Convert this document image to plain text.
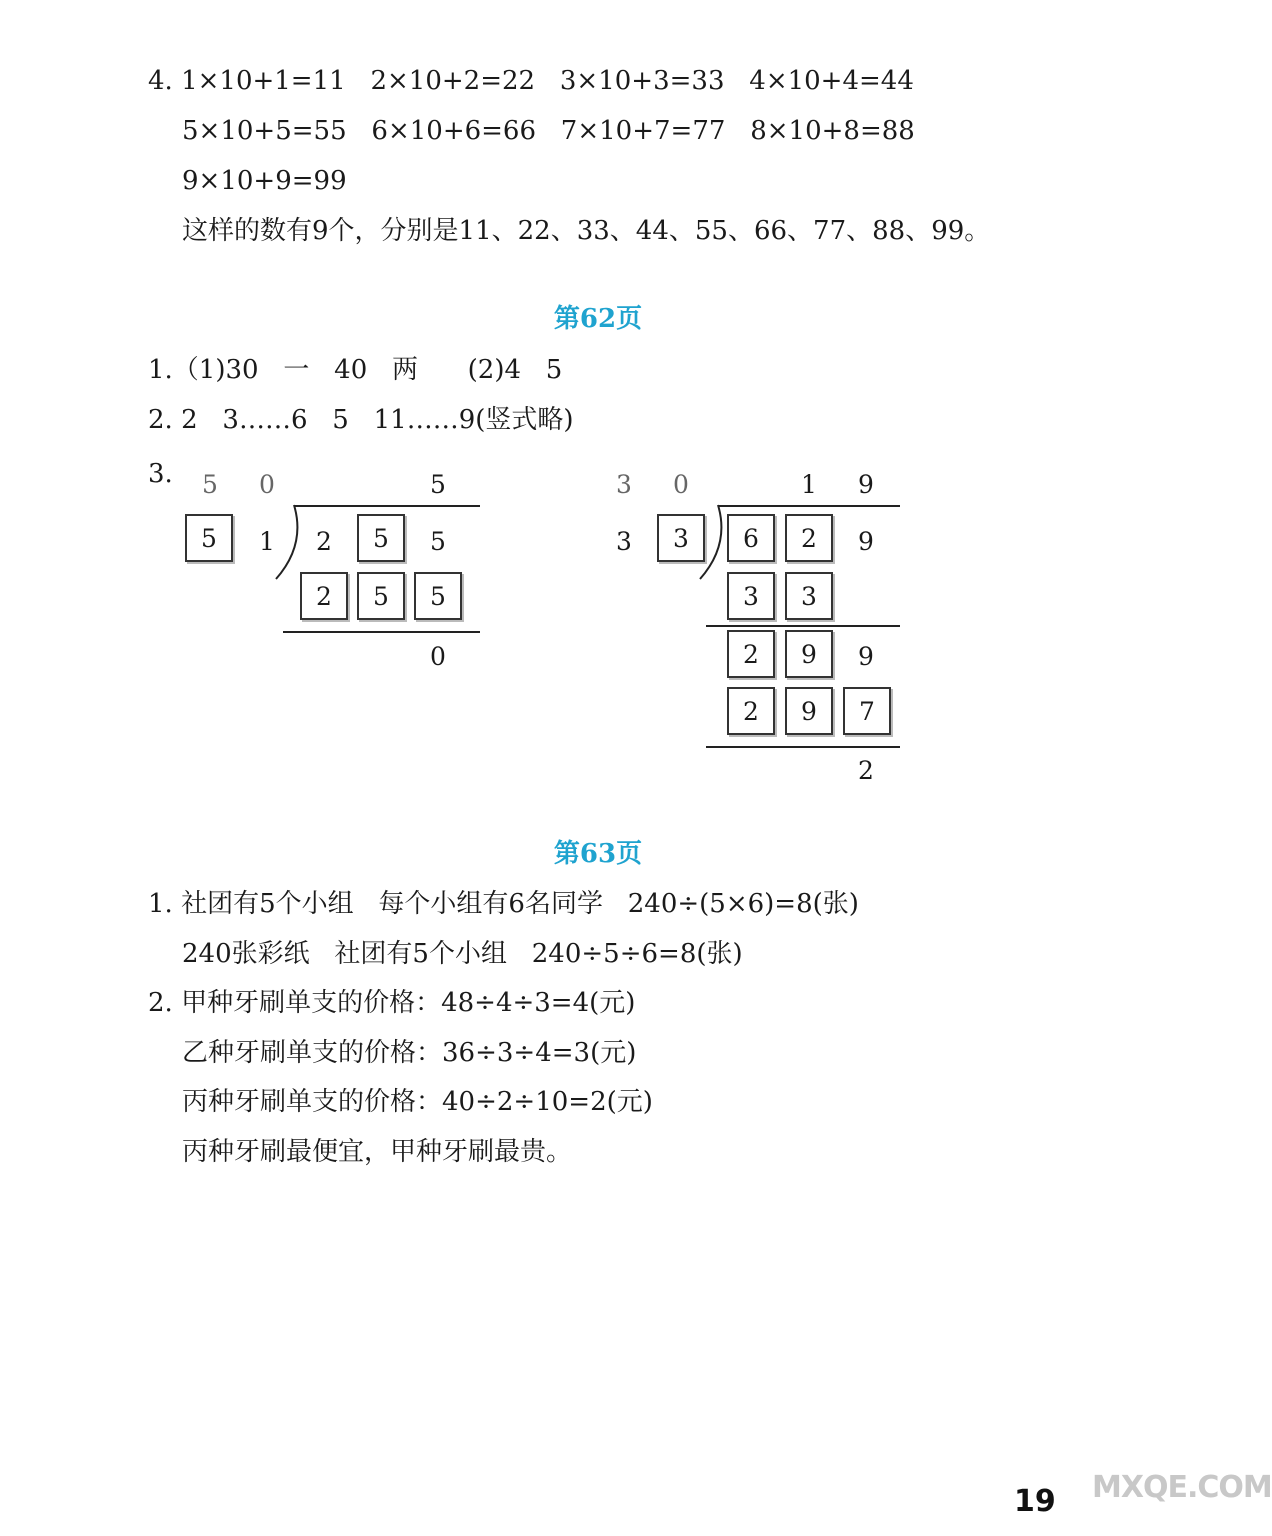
4. 1×10+1=11   2×10+2=22   3×10+3=33   4×10+4=44
5×10+5=55   6×10+6=66   7×10+7=77   8×10+8=88
9×10+9=99
这样的数有9个，分别是11、22、33、44、55、66、77、88、99。
第62页
1.（1)30   一   40   两      (2)4   5
2. 2   3……6   5   11……9(竖式略)
3. 5 0	5
5	1 2	5	5
2	5	5
0
3 0	1 9
3	3	6	2	9
3	3
2	9	9
2	9	7
2
第63页
1. 社团有5个小组   每个小组有6名同学   240÷(5×6)=8(张)
240张彩纸   社团有5个小组   240÷5÷6=8(张)
2. 甲种牙刷单支的价格：48÷4÷3=4(元)
乙种牙刷单支的价格：36÷3÷4=3(元)
丙种牙刷单支的价格：40÷2÷10=2(元)
丙种牙刷最便宜，甲种牙刷最贵。
19 MXQE.COM
